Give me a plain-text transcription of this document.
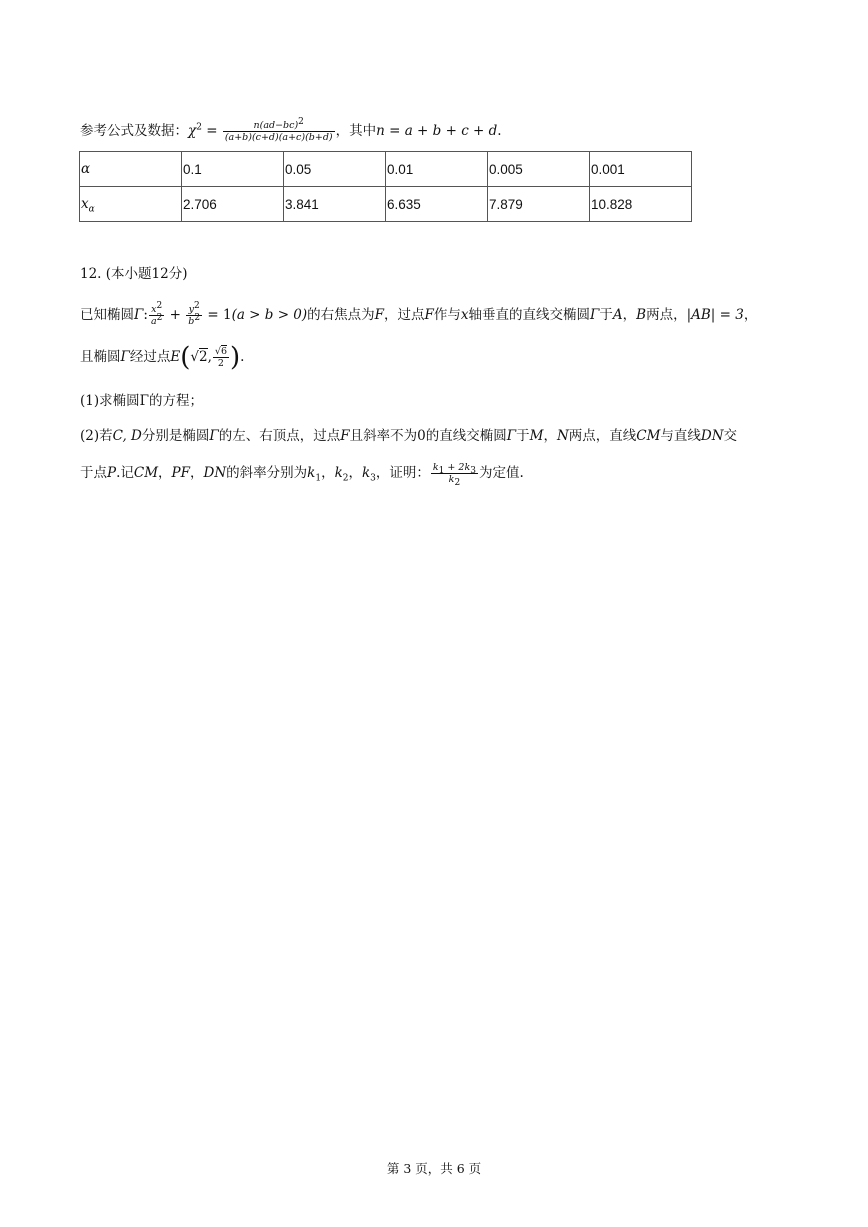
参考公式及数据：$\chi^2 = \frac{n(ad-bc)^2}{(a+b)(c+d)(a+c)(b+d)}$ ，其中n = a + b + c + d.
α	0.1	0.05	0.01	0.005	0.001
$x_\alpha$	2.706	3.841	6.635	7.879	10.828
12. (本小题12分)
已知椭圆Γ: $\frac{x^2}{a^2} + \frac{y^2}{b^2} = 1(a > b > 0)$的右焦点为F，过点F作与x轴垂直的直线交椭圆Γ于A，B两点，|AB| = 3，
且椭圆Γ经过点E(√2, $\frac{√6}{2}$ ).
(1)求椭圆Γ的方程；
(2)若C, D分别是椭圆Γ的左、右顶点，过点F且斜率不为0的直线交椭圆Γ于M，N两点，直线CM与直线DN交
于点P.记CM，PF，DN的斜率分别为$k_1$，$k_2$，$k_3$，证明： $\frac{k_1 + 2k_3}{k_2}$ 为定值.
第 3 页，共 6 页
